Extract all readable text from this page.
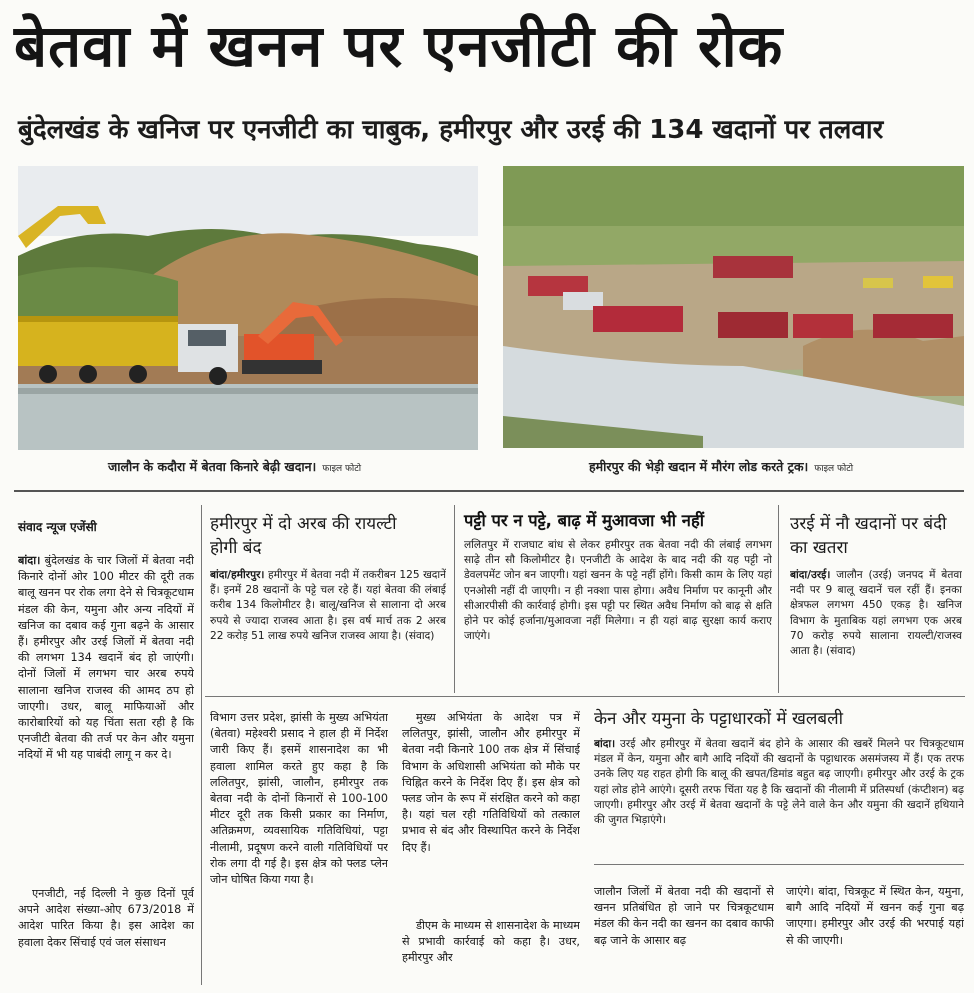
बेतवा में खनन पर एनजीटी की रोक
बुंदेलखंड के खनिज पर एनजीटी का चाबुक, हमीरपुर और उरई की 134 खदानों पर तलवार
जालौन के कदौरा में बेतवा किनारे बेढ़ी खदान। फाइल फोटो	हमीरपुर की भेड़ी खदान में मौरंग लोड करते ट्रक। फाइल फोटो
संवाद न्यूज एजेंसी

बांदा। बुंदेलखंड के चार जिलों में बेतवा नदी किनारे दोनों ओर 100 मीटर की दूरी तक बालू खनन पर रोक लगा देने से चित्रकूटधाम मंडल की केन, यमुना और अन्य नदियों में खनिज का दबाव कई गुना बढ़ने के आसार हैं। हमीरपुर और उरई जिलों में बेतवा नदी की लगभग 134 खदानें बंद हो जाएंगी। दोनों जिलों में लगभग चार अरब रुपये सालाना खनिज राजस्व की आमद ठप हो जाएगी। उधर, बालू माफियाओं और कारोबारियों को यह चिंता सता रही है कि एनजीटी बेतवा की तर्ज पर केन और यमुना नदियों में भी यह पाबंदी लागू न कर दे।

एनजीटी, नई दिल्ली ने कुछ दिनों पूर्व अपने आदेश संख्या-ओए 673/2018 में आदेश पारित किया है। इस आदेश का हवाला देकर सिंचाई एवं जल संसाधन

हमीरपुर में दो अरब की रायल्टी होगी बंद

बांदा/हमीरपुर। हमीरपुर में बेतवा नदी में तकरीबन 125 खदानें हैं। इनमें 28 खदानों के पट्टे चल रहे हैं। यहां बेतवा की लंबाई करीब 134 किलोमीटर है। बालू/खनिज से सालाना दो अरब रुपये से ज्यादा राजस्व आता है। इस वर्ष मार्च तक 2 अरब 22 करोड़ 51 लाख रुपये खनिज राजस्व आया है। (संवाद)

पट्टी पर न पट्टे, बाढ़ में मुआवजा भी नहीं

ललितपुर में राजघाट बांध से लेकर हमीरपुर तक बेतवा नदी की लंबाई लगभग साढ़े तीन सौ किलोमीटर है। एनजीटी के आदेश के बाद नदी की यह पट्टी नो डेवलपमेंट जोन बन जाएगी। यहां खनन के पट्टे नहीं होंगे। किसी काम के लिए यहां एनओसी नहीं दी जाएगी। न ही नक्शा पास होगा। अवैध निर्माण पर कानूनी और सीआरपीसी की कार्रवाई होगी। इस पट्टी पर स्थित अवैध निर्माण को बाढ़ से क्षति होने पर कोई हर्जाना/मुआवजा नहीं मिलेगा। न ही यहां बाढ़ सुरक्षा कार्य कराए जाएंगे।

उरई में नौ खदानों पर बंदी का खतरा

बांदा/उरई। जालौन (उरई) जनपद में बेतवा नदी पर 9 बालू खदानें चल रहीं हैं। इनका क्षेत्रफल लगभग 450 एकड़ है। खनिज विभाग के मुताबिक यहां लगभग एक अरब 70 करोड़ रुपये सालाना रायल्टी/राजस्व आता है। (संवाद)

विभाग उत्तर प्रदेश, झांसी के मुख्य अभियंता (बेतवा) महेश्वरी प्रसाद ने हाल ही में निर्देश जारी किए हैं। इसमें शासनादेश का भी हवाला शामिल करते हुए कहा है कि ललितपुर, झांसी, जालौन, हमीरपुर तक बेतवा नदी के दोनों किनारों से 100-100 मीटर दूरी तक किसी प्रकार का निर्माण, अतिक्रमण, व्यवसायिक गतिविधियां, पट्टा नीलामी, प्रदूषण करने वाली गतिविधियों पर रोक लगा दी गई है। इस क्षेत्र को फ्लड प्लेन जोन घोषित किया गया है।

मुख्य अभियंता के आदेश पत्र में ललितपुर, झांसी, जालौन और हमीरपुर में बेतवा नदी किनारे 100 तक क्षेत्र में सिंचाई विभाग के अधिशासी अभियंता को मौके पर चिह्नित करने के निर्देश दिए हैं। इस क्षेत्र को फ्लड जोन के रूप में संरक्षित करने को कहा है। यहां चल रही गतिविधियों को तत्काल प्रभाव से बंद और विस्थापित करने के निर्देश दिए हैं।

डीएम के माध्यम से शासनादेश के माध्यम से प्रभावी कार्रवाई को कहा है। उधर, हमीरपुर और

केन और यमुना के पट्टाधारकों में खलबली

बांदा। उरई और हमीरपुर में बेतवा खदानें बंद होने के आसार की खबरें मिलने पर चित्रकूटधाम मंडल में केन, यमुना और बागै आदि नदियों की खदानों के पट्टाधारक असमंजस्य में हैं। एक तरफ उनके लिए यह राहत होगी कि बालू की खपत/डिमांड बहुत बढ़ जाएगी। हमीरपुर और उरई के ट्रक यहां लोड होने आएंगे। दूसरी तरफ चिंता यह है कि खदानों की नीलामी में प्रतिस्पर्धा (कंप्टीशन) बढ़ जाएगी। हमीरपुर और उरई में बेतवा खदानों के पट्टे लेने वाले केन और यमुना की खदानें हथियाने की जुगत भिड़ाएंगे।

जालौन जिलों में बेतवा नदी की खदानों से खनन प्रतिबंधित हो जाने पर चित्रकूटधाम मंडल की केन नदी का खनन का दबाव काफी बढ़ जाने के आसार बढ़

जाएंगे। बांदा, चित्रकूट में स्थित केन, यमुना, बागै आदि नदियों में खनन कई गुना बढ़ जाएगा। हमीरपुर और उरई की भरपाई यहां से की जाएगी।
